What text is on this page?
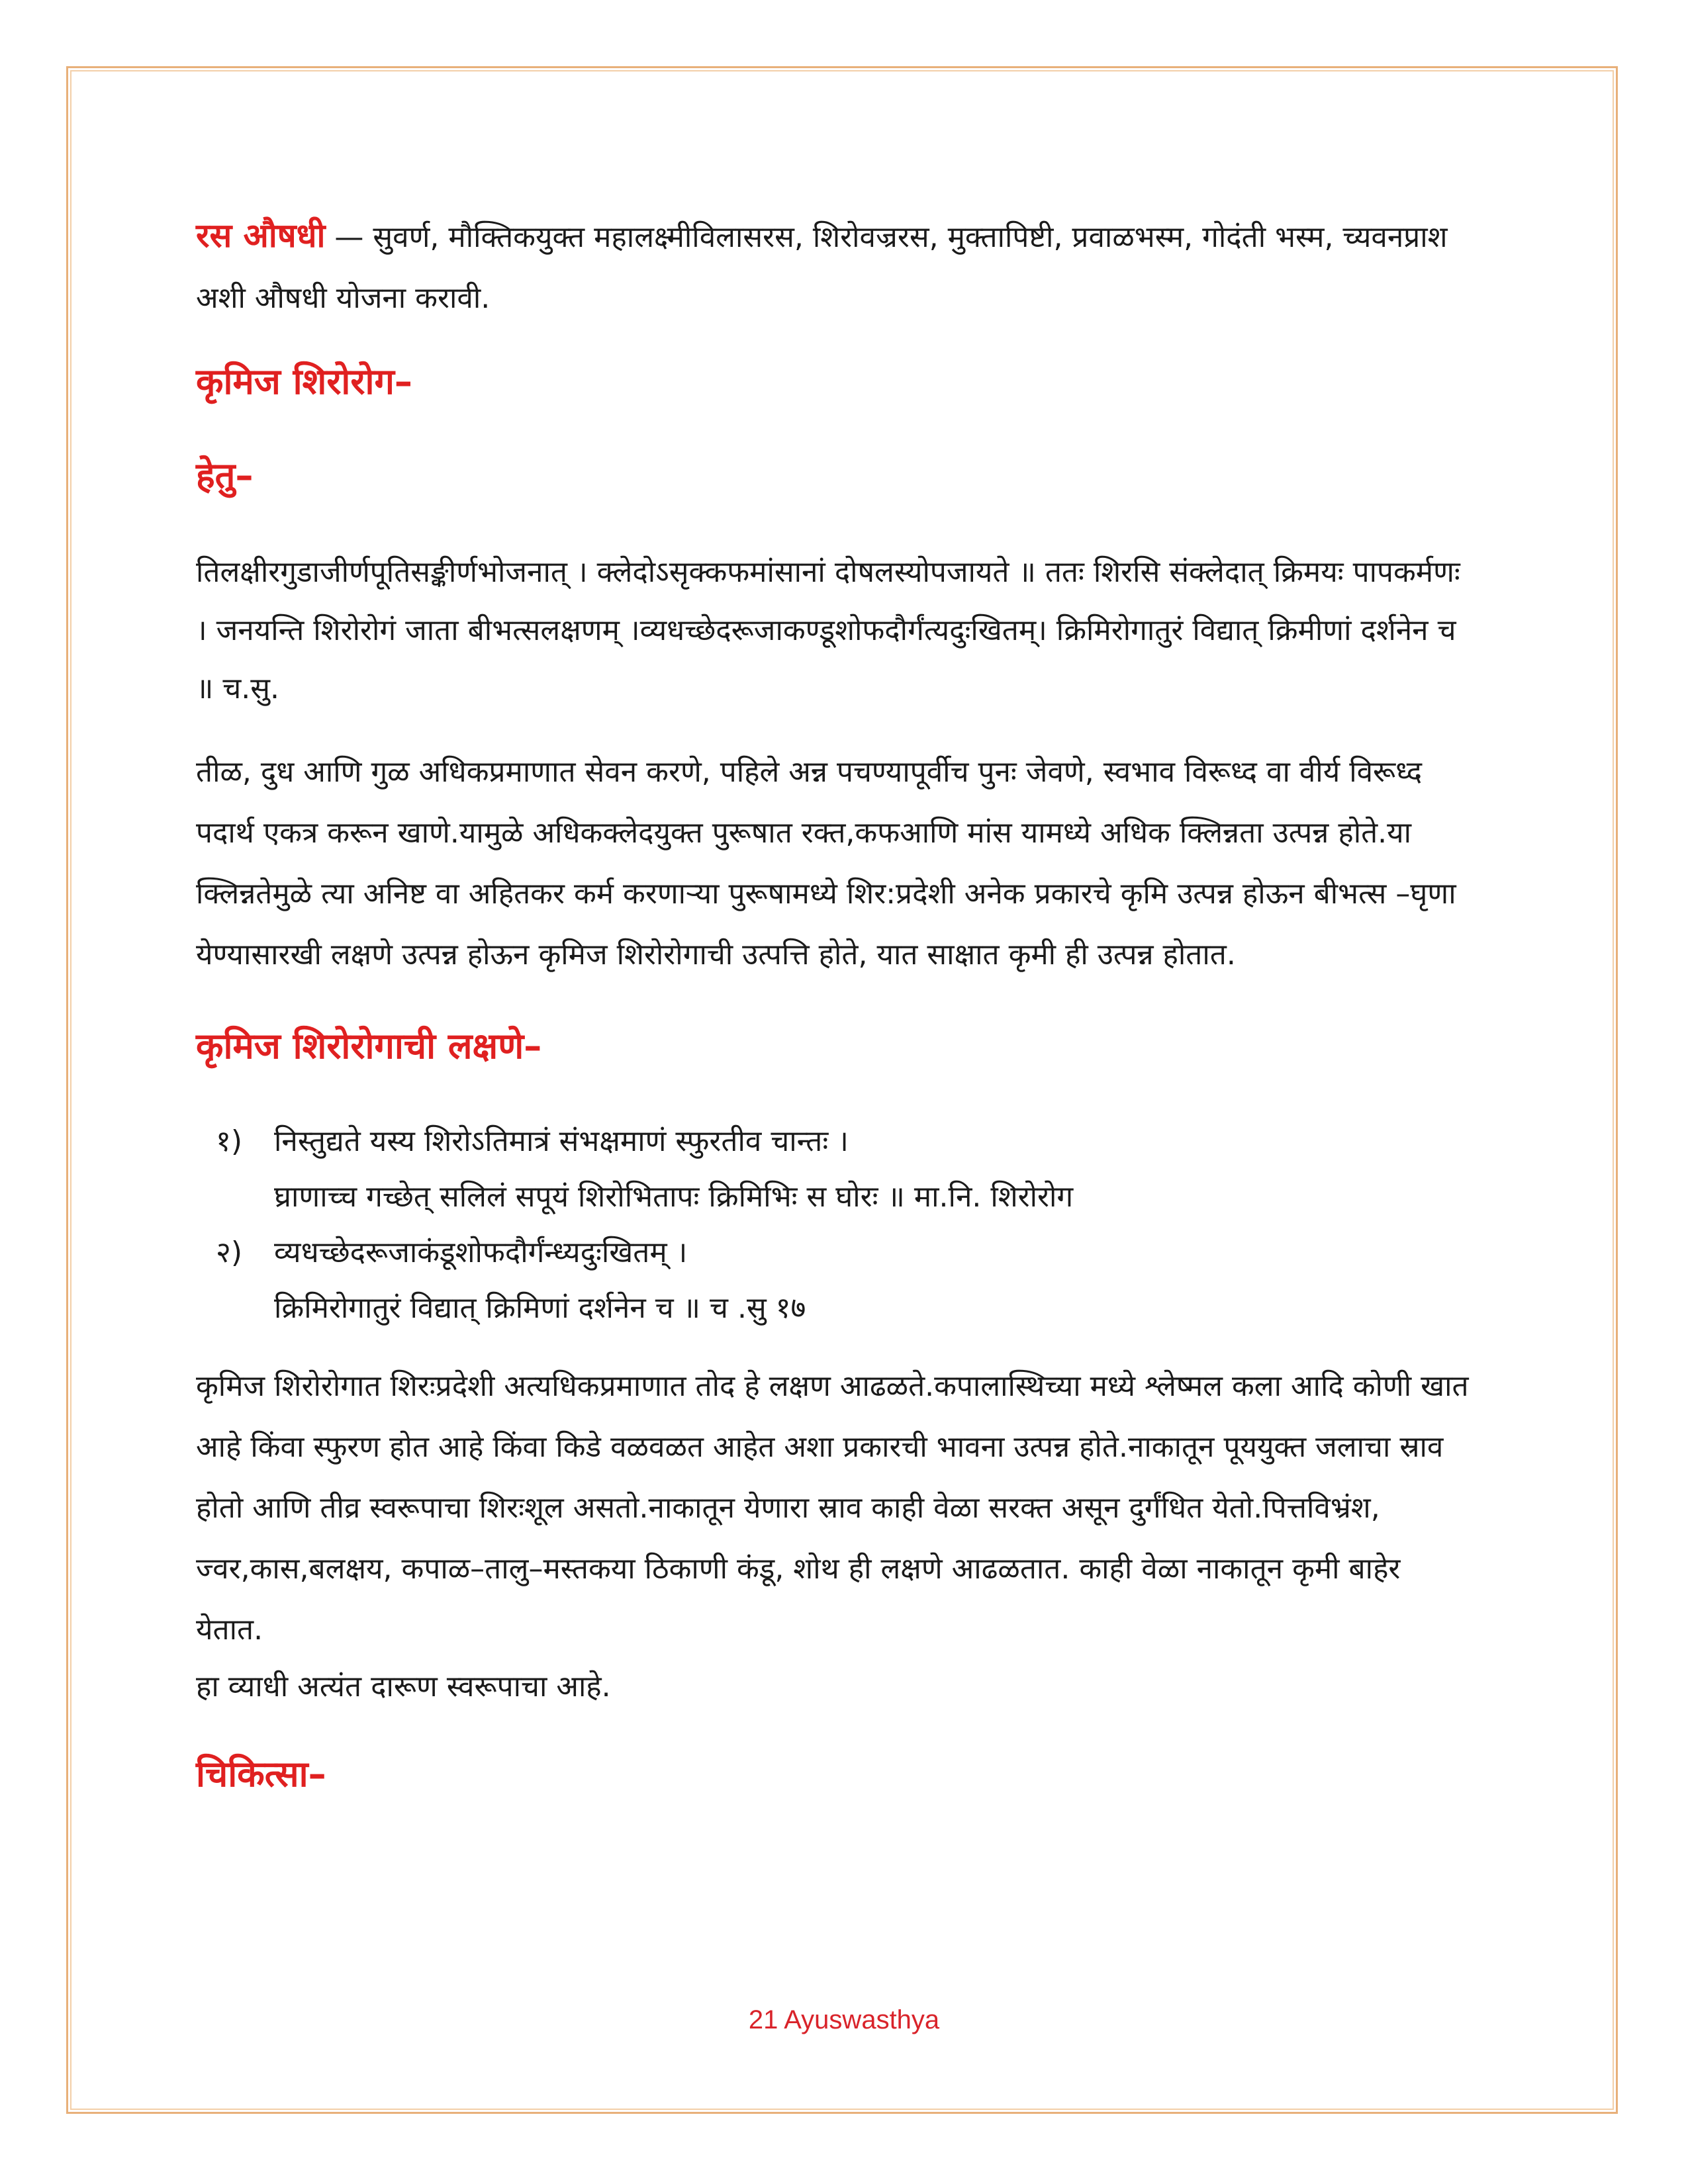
रस औषधी — सुवर्ण, मौक्तिकयुक्त महालक्ष्मीविलासरस, शिरोवज्ररस, मुक्तापिष्टी, प्रवाळभस्म, गोदंती भस्म, च्यवनप्राश अशी औषधी योजना करावी.

कृमिज शिरोरोग–
हेतु–

तिलक्षीरगुडाजीर्णपूतिसङ्कीर्णभोजनात् । क्लेदोऽसृक्कफमांसानां दोषलस्योपजायते ॥ ततः शिरसि संक्लेदात् क्रिमयः पापकर्मणः । जनयन्ति शिरोरोगं जाता बीभत्सलक्षणम् ।व्यधच्छेदरूजाकण्डूशोफदौर्गंत्यदुःखितम्। क्रिमिरोगातुरं विद्यात् क्रिमीणां दर्शनेन च ॥ च.सु.

तीळ, दुध आणि गुळ अधिकप्रमाणात सेवन करणे, पहिले अन्न पचण्यापूर्वीच पुनः जेवणे, स्वभाव विरूध्द वा वीर्य विरूध्द पदार्थ एकत्र करून खाणे.यामुळे अधिकक्लेदयुक्त पुरूषात रक्त,कफआणि मांस यामध्ये अधिक क्लिन्नता उत्पन्न होते.या क्लिन्नतेमुळे त्या अनिष्ट वा अहितकर कर्म करणाऱ्या पुरूषामध्ये शिर:प्रदेशी अनेक प्रकारचे कृमि उत्पन्न होऊन बीभत्स –घृणा येण्यासारखी लक्षणे उत्पन्न होऊन कृमिज शिरोरोगाची उत्पत्ति होते, यात साक्षात कृमी ही उत्पन्न होतात.

कृमिज शिरोरोगाची लक्षणे–
१)	निस्तुद्यते यस्य शिरोऽतिमात्रं संभक्षमाणं स्फुरतीव चान्तः ।
घ्राणाच्च गच्छेत् सलिलं सपूयं शिरोभितापः क्रिमिभिः स घोरः ॥ मा.नि. शिरोरोग
२)	व्यधच्छेदरूजाकंडूशोफदौर्गंन्ध्यदुःखितम् ।
क्रिमिरोगातुरं विद्यात् क्रिमिणां दर्शनेन च ॥ च .सु १७

कृमिज शिरोरोगात शिरःप्रदेशी अत्यधिकप्रमाणात तोद हे लक्षण आढळते.कपालास्थिच्या मध्ये श्लेष्मल कला आदि कोणी खात आहे किंवा स्फुरण होत आहे किंवा किडे वळवळत आहेत अशा प्रकारची भावना उत्पन्न होते.नाकातून पूययुक्त जलाचा स्राव होतो आणि तीव्र स्वरूपाचा शिरःशूल असतो.नाकातून येणारा स्राव काही वेळा सरक्त असून दुर्गंधित येतो.पित्तविभ्रंश, ज्वर,कास,बलक्षय, कपाळ–तालु–मस्तकया ठिकाणी कंडू, शोथ ही लक्षणे आढळतात. काही वेळा नाकातून कृमी बाहेर येतात.

हा व्याधी अत्यंत दारूण स्वरूपाचा आहे.

चिकित्सा–
21 Ayuswasthya
